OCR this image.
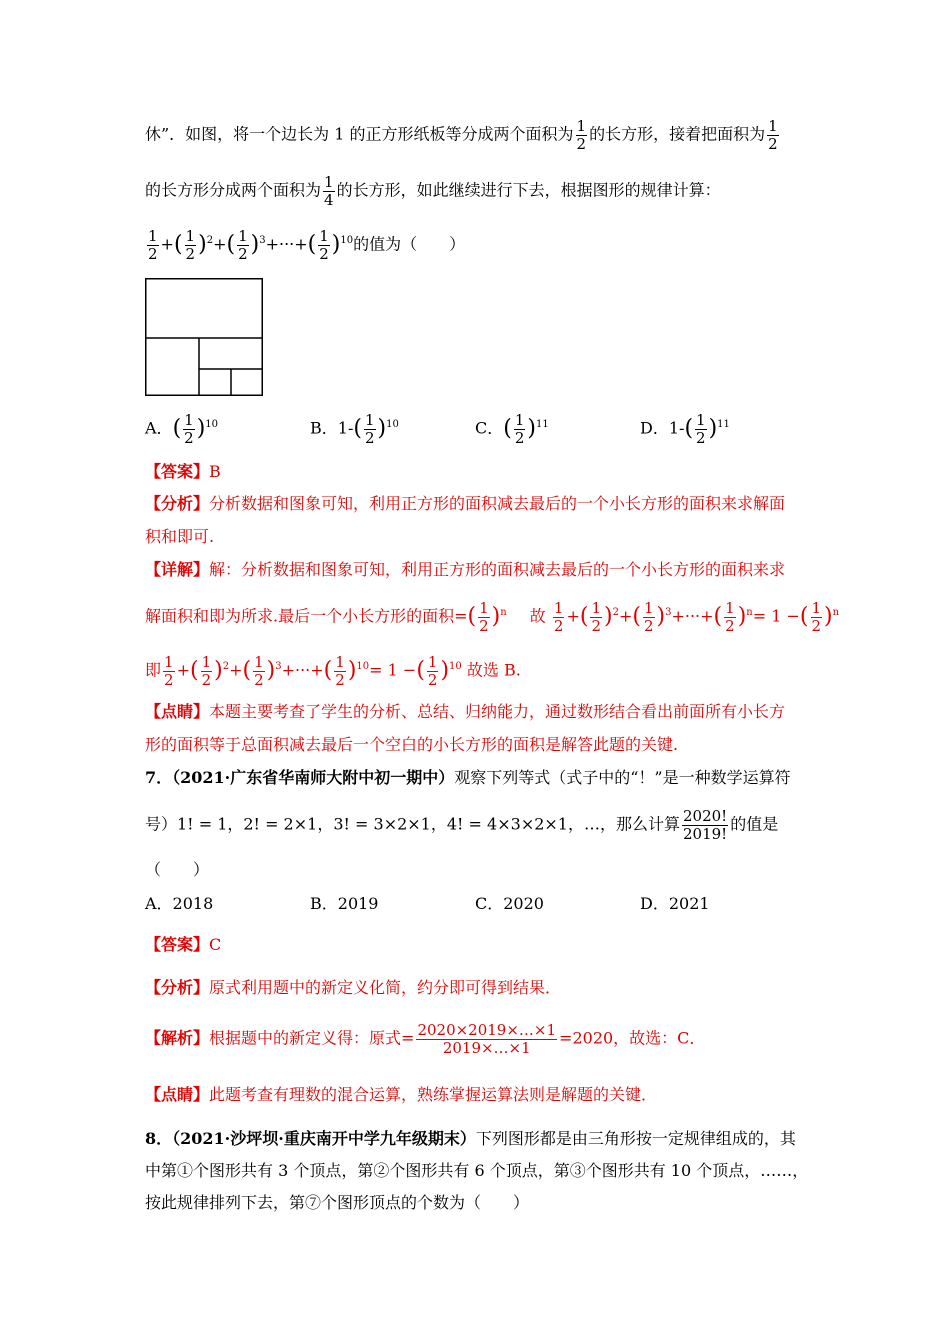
休”．如图，将一个边长为 1 的正方形纸板等分成两个面积为 $\frac{1}{2}$ 的长方形，接着把面积为 $\frac{1}{2}$
的长方形分成两个面积为 $\frac{1}{4}$ 的长方形，如此继续进行下去，根据图形的规律计算：
$\frac{1}{2}$ +( $\frac{1}{2} )^2+( \frac{1}{2} )^3+\cdot\cdot\cdot+( \frac{1}{2} )^{10}$的值为（　　）
A．( $\frac{1}{2} )^{10}$	B．$1-( \frac{1}{2} )^{10}$	C．( $\frac{1}{2} )^{11}$	D．$1-( \frac{1}{2} )^{11}$
【答案】B
【分析】分析数据和图象可知，利用正方形的面积减去最后的一个小长方形的面积来求解面
积和即可.
【详解】解：分析数据和图象可知，利用正方形的面积减去最后的一个小长方形的面积来求
解面积和即为所求.最后一个小长方形的面积=( $\frac{1}{2} )^n$ 故 $\frac{1}{2}$ +( $\frac{1}{2} )^2+( \frac{1}{2} )^3+\cdot\cdot\cdot+( \frac{1}{2} )^n= 1$ −( $\frac{1}{2} )^n$
即 $\frac{1}{2}$ +( $\frac{1}{2} )^2+( \frac{1}{2} )^3+\cdot\cdot\cdot+( \frac{1}{2} )^{10}= 1$ −( $\frac{1}{2} )^{10}$ 故选 B.
【点睛】本题主要考查了学生的分析、总结、归纳能力，通过数形结合看出前面所有小长方
形的面积等于总面积减去最后一个空白的小长方形的面积是解答此题的关键.
7．（2021·广东省华南师大附中初一期中）观察下列等式（式子中的“！”是一种数学运算符
号）1! = 1，2! = 2×1，3! = 3×2×1，4! = 4×3×2×1，…，那么计算 $\frac{2020!}{2019!}$ 的值是
（　　）
A．2018	B．2019	C．2020	D．2021
【答案】C
【分析】原式利用题中的新定义化简，约分即可得到结果．
【解析】根据题中的新定义得：原式= $\frac{2020\times 2019\times\dots\times 1}{2019\times\dots\times 1} =2020$，故选：C．
【点睛】此题考查有理数的混合运算，熟练掌握运算法则是解题的关键．
8．（2021·沙坪坝·重庆南开中学九年级期末）下列图形都是由三角形按一定规律组成的，其
中第①个图形共有 3 个顶点，第②个图形共有 6 个顶点，第③个图形共有 10 个顶点，……，
按此规律排列下去，第⑦个图形顶点的个数为（　　）
